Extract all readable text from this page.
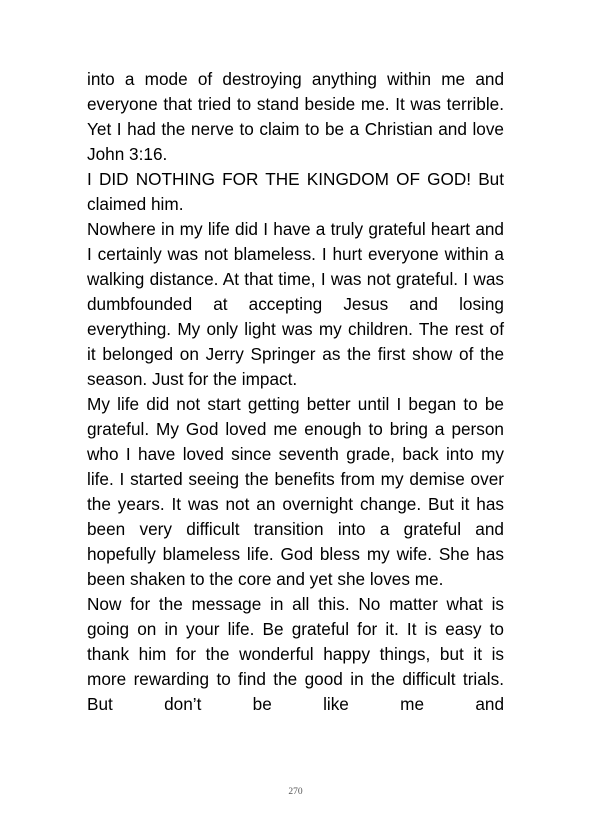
into a mode of destroying anything within me and everyone that tried to stand beside me. It was terrible. Yet I had the nerve to claim to be a Christian and love John 3:16.

I DID NOTHING FOR THE KINGDOM OF GOD! But claimed him.

Nowhere in my life did I have a truly grateful heart and I certainly was not blameless. I hurt everyone within a walking distance. At that time, I was not grateful. I was dumbfounded at accepting Jesus and losing everything. My only light was my children. The rest of it belonged on Jerry Springer as the first show of the season. Just for the impact.

My life did not start getting better until I began to be grateful. My God loved me enough to bring a person who I have loved since seventh grade, back into my life. I started seeing the benefits from my demise over the years. It was not an overnight change. But it has been very difficult transition into a grateful and hopefully blameless life. God bless my wife. She has been shaken to the core and yet she loves me.

Now for the message in all this. No matter what is going on in your life. Be grateful for it. It is easy to thank him for the wonderful happy things, but it is more rewarding to find the good in the difficult trials. But don’t be like me and

270
